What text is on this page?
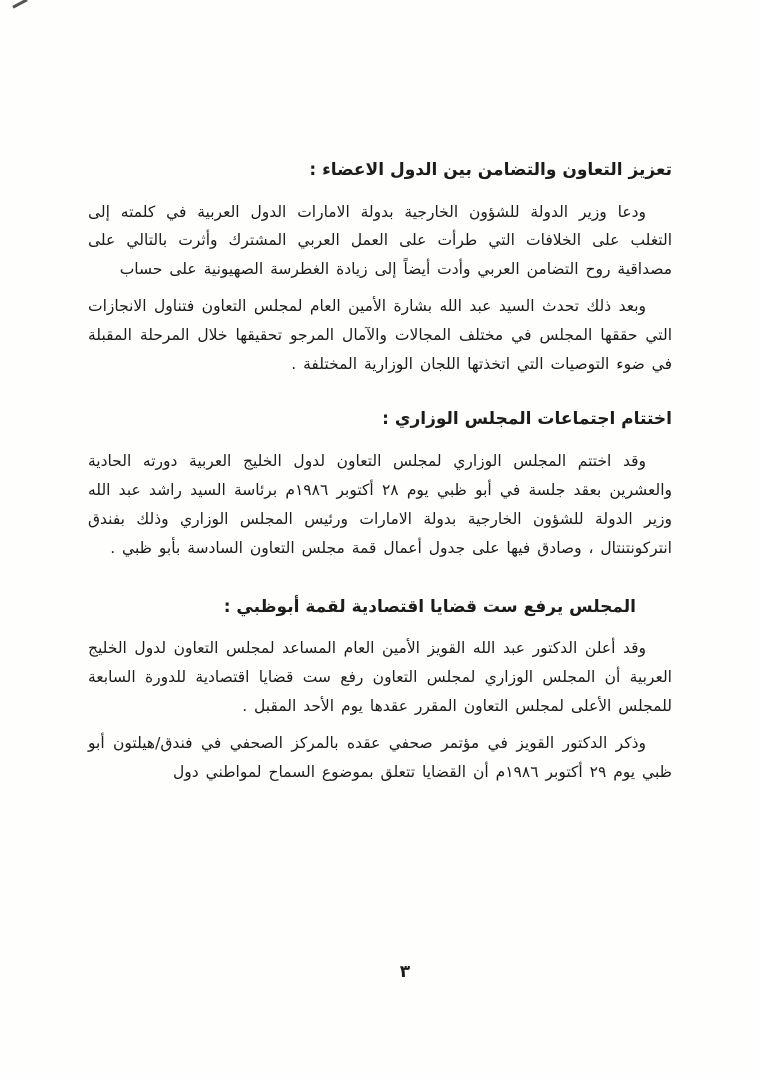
تعزيز التعاون والتضامن بين الدول الاعضاء :

ودعا وزير الدولة للشؤون الخارجية بدولة الامارات الدول العربية في كلمته إلى التغلب على الخلافات التي طرأت على العمل العربي المشترك وأثرت بالتالي على مصداقية روح التضامن العربي وأدت أيضاً إلى زيادة الغطرسة الصهيونية على حساب

وبعد ذلك تحدث السيد عبد الله بشارة الأمين العام لمجلس التعاون فتناول الانجازات التي حققها المجلس في مختلف المجالات والآمال المرجو تحقيقها خلال المرحلة المقبلة في ضوء التوصيات التي اتخذتها اللجان الوزارية المختلفة .

اختتام اجتماعات المجلس الوزاري :

وقد اختتم المجلس الوزاري لمجلس التعاون لدول الخليج العربية دورته الحادية والعشرين بعقد جلسة في أبو ظبي يوم ٢٨ أكتوبر ١٩٨٦م برئاسة السيد راشد عبد الله وزير الدولة للشؤون الخارجية بدولة الامارات ورئيس المجلس الوزاري وذلك بفندق انتركونتنتال ، وصادق فيها على جدول أعمال قمة مجلس التعاون السادسة بأبو ظبي .

المجلس يرفع ست قضايا اقتصادية لقمة أبوظبي :

وقد أعلن الدكتور عبد الله القويز الأمين العام المساعد لمجلس التعاون لدول الخليج العربية أن المجلس الوزاري لمجلس التعاون رفع ست قضايا اقتصادية للدورة السابعة للمجلس الأعلى لمجلس التعاون المقرر عقدها يوم الأحد المقبل .

وذكر الدكتور القويز في مؤتمر صحفي عقده بالمركز الصحفي في فندق/هيلتون أبو ظبي يوم ٢٩ أكتوبر ١٩٨٦م أن القضايا تتعلق بموضوع السماح لمواطني دول

٣
